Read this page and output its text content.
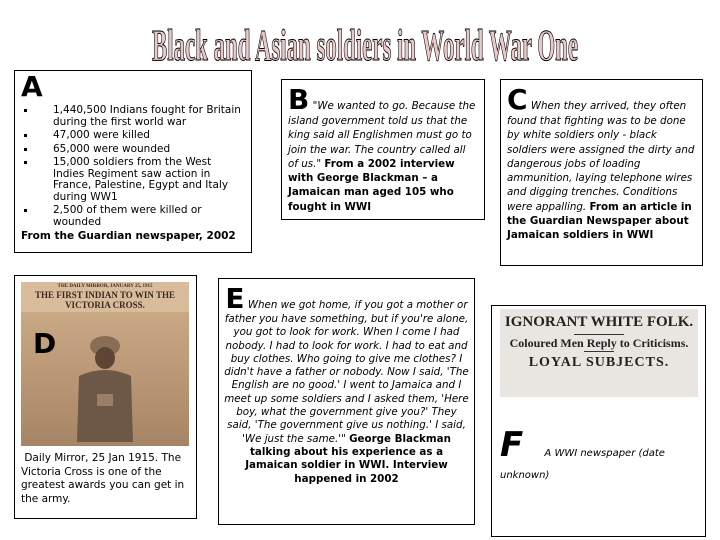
Black and Asian soldiers in World War One
A
1,440,500 Indians fought for Britain during the first world war
47,000 were killed
65,000 were wounded
15,000 soldiers from the West Indies Regiment saw action in France, Palestine, Egypt and Italy during WW1
2,500 of them were killed or wounded
From the Guardian newspaper, 2002
B "We wanted to go. Because the island government told us that the king said all Englishmen must go to join the war. The country called all of us." From a 2002 interview with George Blackman – a Jamaican man aged 105 who fought in WWI
C When they arrived, they often found that fighting was to be done by white soldiers only - black soldiers were assigned the dirty and dangerous jobs of loading ammunition, laying telephone wires and digging trenches. Conditions were appalling. From an article in the Guardian Newspaper about Jamaican soldiers in WWI
THE DAILY MIRROR, JANUARY 25, 1915
THE FIRST INDIAN TO WIN THE VICTORIA CROSS.
D
Daily Mirror, 25 Jan 1915. The Victoria Cross is one of the greatest awards you can get in the army.
E When we got home, if you got a mother or father you have something, but if you're alone, you got to look for work. When I come I had nobody. I had to look for work. I had to eat and buy clothes. Who going to give me clothes? I didn't have a father or nobody. Now I said, 'The English are no good.' I went to Jamaica and I meet up some soldiers and I asked them, 'Here boy, what the government give you?' They said, 'The government give us nothing.' I said, 'We just the same.'" George Blackman talking about his experience as a Jamaican soldier in WWI. Interview happened in 2002
IGNORANT WHITE FOLK.
Coloured Men Reply to Criticisms.
LOYAL SUBJECTS.
F A WWI newspaper (date unknown)
